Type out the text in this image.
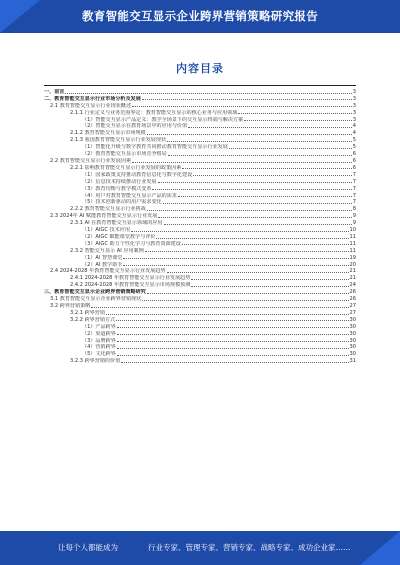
教育智能交互显示企业跨界营销策略研究报告
内容目录
一、前言	3
二、教育智能交互显示行业市场分析及发展	3
2.1 教育智能交互显示行业现状概述	3
2.1.1 行业定义与业务范围界定：教育智能交互显示的核心业务与应用领域	3
（1）智能交互显示产品定义：教学全场景下的交互显示终端与解决方案	3
（2）智能交互显示在教育场景中的应用与价值	4
2.1.2 教育智能交互显示市场规模	4
2.1.3 我国教育智能交互显示行业发展现状	5
（1）智能化升级与数字教育共同推动教育智能交互显示行业发展	5
（2）教育智能交互显示市场竞争格局	6
2.2 教育智能交互显示行业发展因素	6
2.2.1 影响教育智能交互显示行业发展的政策因素	6
（1）国家政策支持推动教育信息化与数字化建设	7
（2）信息技术持续推动行业发展	7
（3）教育均衡与教学模式变革	7
（4）用户对教育智能交互显示产品的需求	7
（5）技术创新驱动的用户需求变化	7
2.2.2 教育智能交互显示行业挑战	8
2.3 2024年 AI 赋能教育智能交互显示行业发展	9
2.3.1 AI 在教育智能交互显示领域的应用	9
（1）AIGC 技术应用	10
（2）AIGC 赋能课堂教学与评价	11
（3）AIGC 助力个性化学习与教育资源建设	11
2.3.2 智能交互显示 AI 应用案例	11
（1）AI 智慧课堂	19
（2）AI 教学助手	20
2.4 2024-2028 年教育智能交互显示行业发展趋势	21
2.4.1 2024-2028 年教育智能交互显示行业发展趋势	21
2.4.2 2024-2028 年教育智能交互显示市场规模预测	24
三、教育智能交互显示企业跨界营销策略研究	26
3.1 教育智能交互显示企业跨界营销现状	26
3.2 跨界营销策略	27
3.2.1 跨界营销	27
3.2.2 跨界营销方式	30
（1）产品跨界	30
（2）渠道跨界	30
（3）品牌跨界	30
（4）营销跨界	30
（5）文化跨界	30
3.2.3 跨界营销的价值	31
让每个人都能成为	行业专家、管理专家、营销专家、战略专家、成功企业家……
